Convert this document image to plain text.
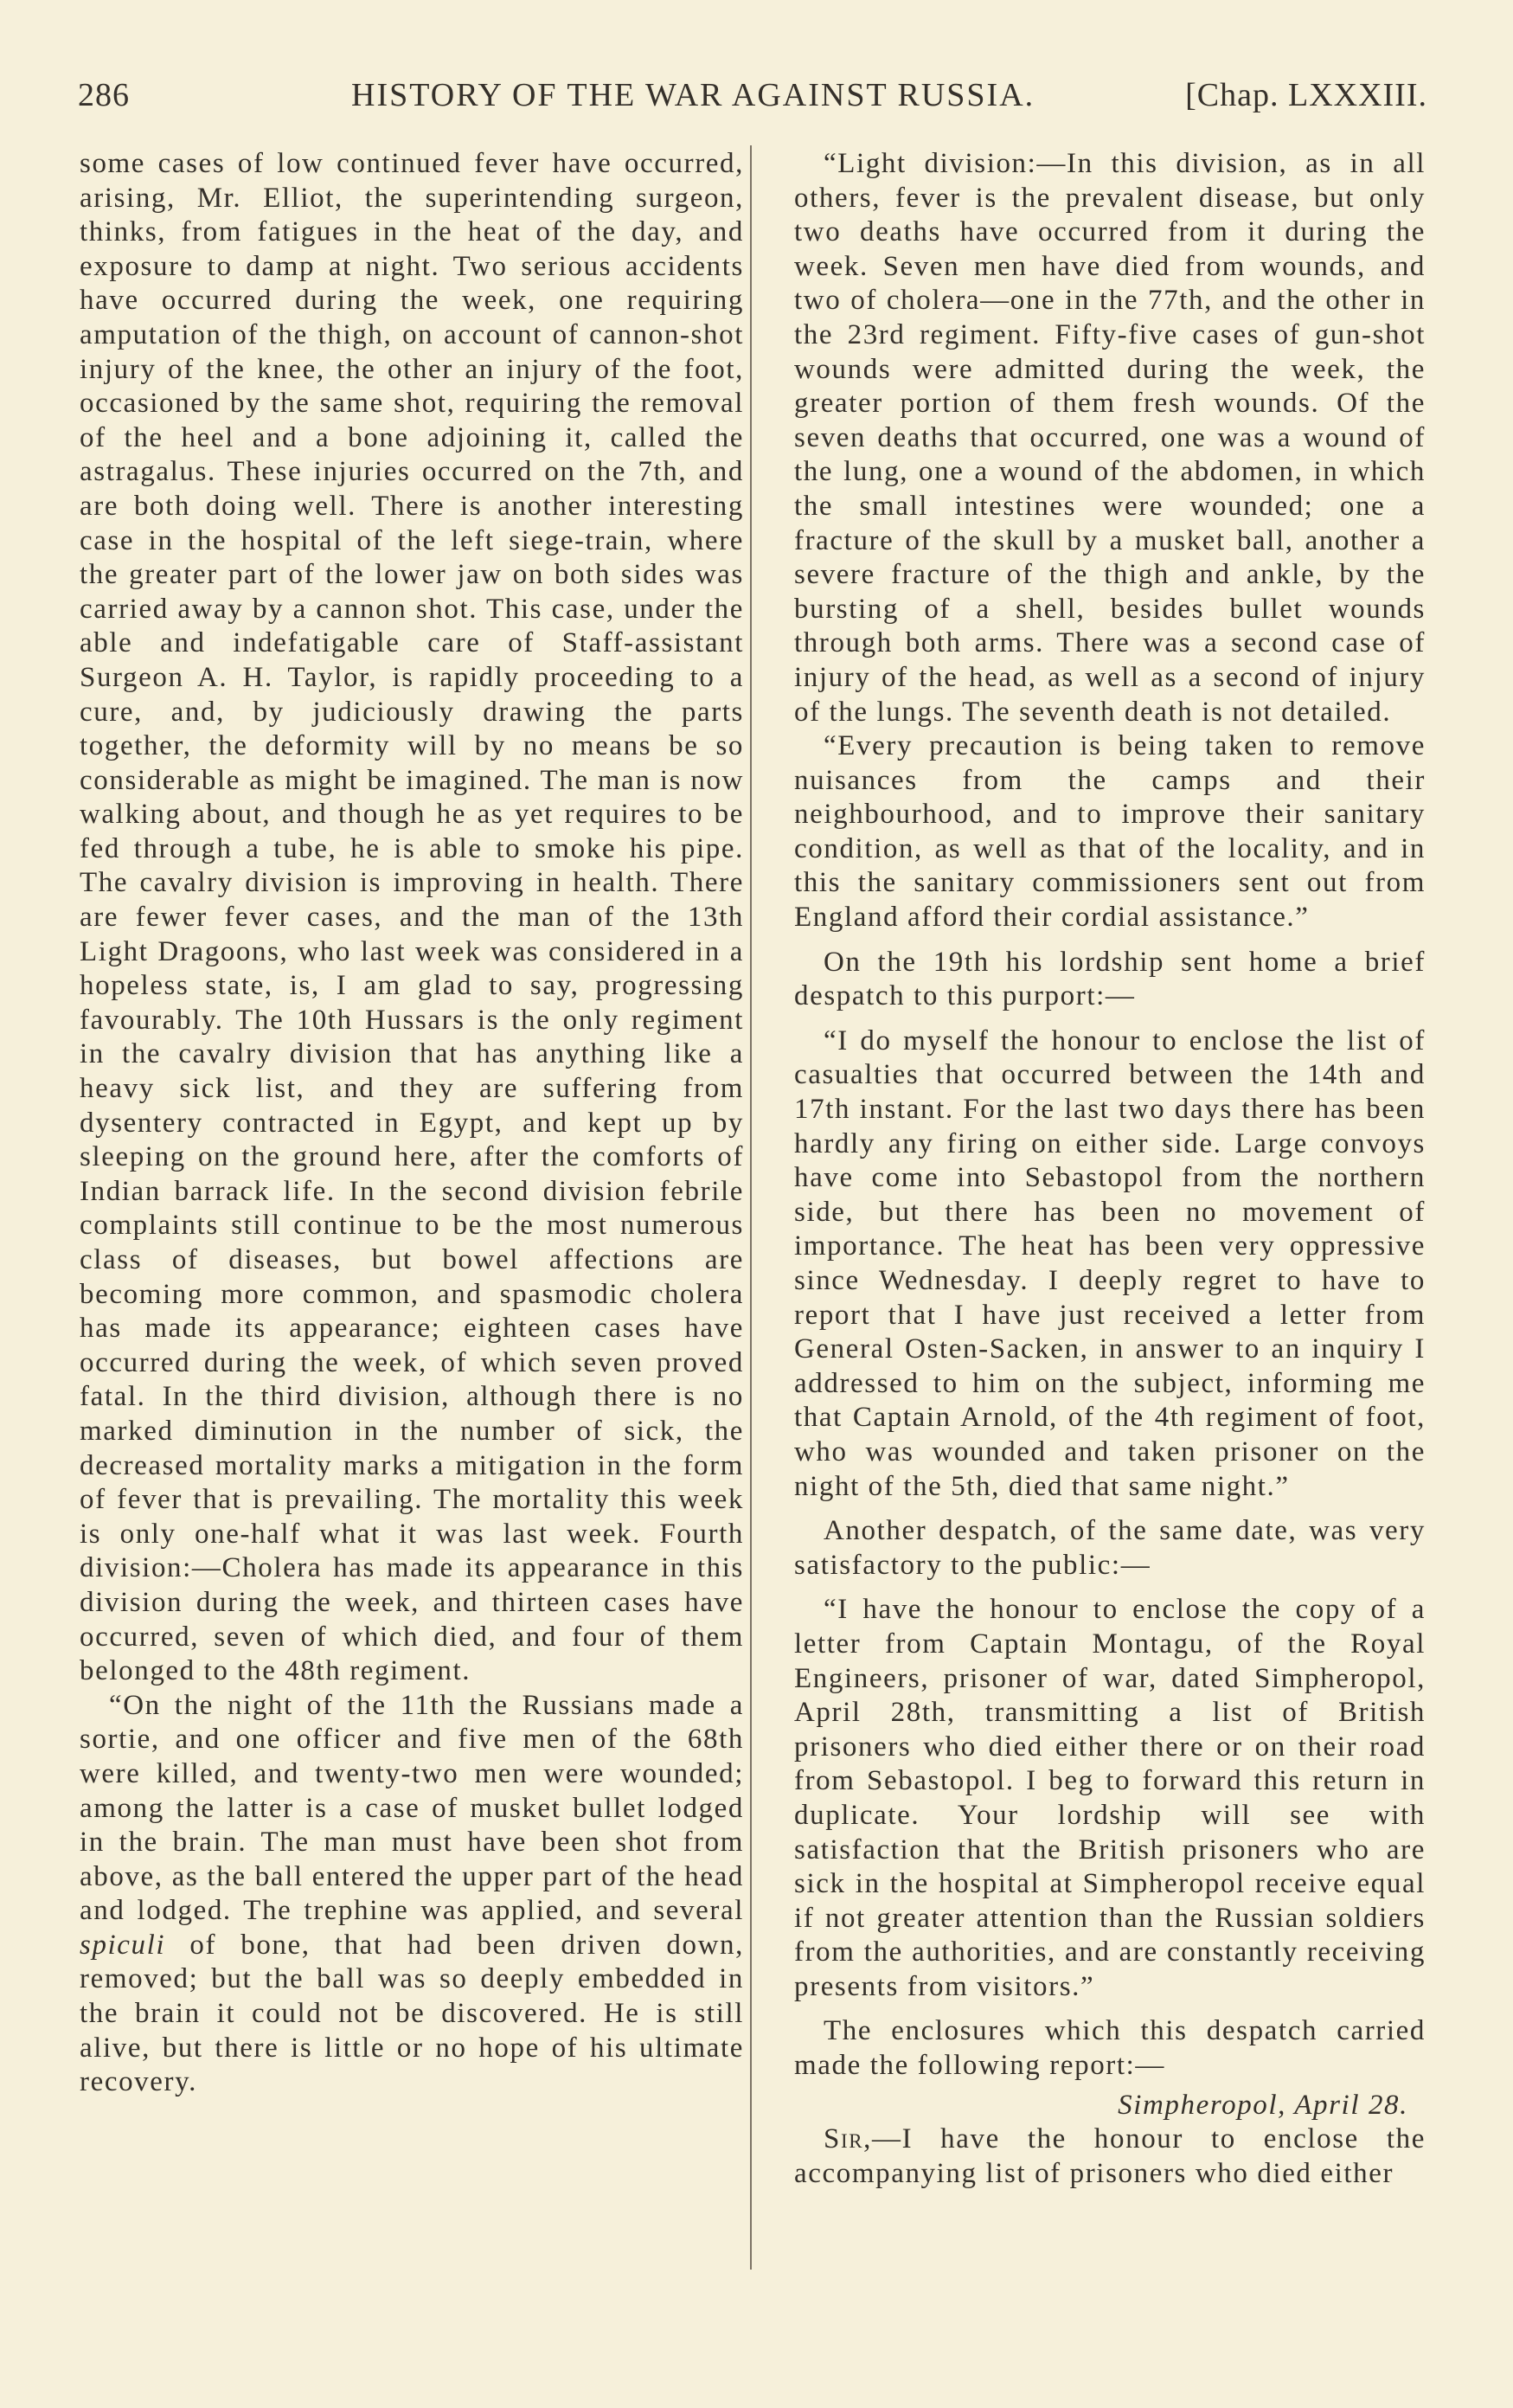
286	HISTORY OF THE WAR AGAINST RUSSIA.	[Chap. LXXXIII.

some cases of low continued fever have occurred, arising, Mr. Elliot, the superintending surgeon, thinks, from fatigues in the heat of the day, and exposure to damp at night. Two serious accidents have occurred during the week, one requiring amputation of the thigh, on account of cannon-shot injury of the knee, the other an injury of the foot, occasioned by the same shot, requiring the removal of the heel and a bone adjoining it, called the astragalus. These injuries occurred on the 7th, and are both doing well. There is another interesting case in the hospital of the left siege-train, where the greater part of the lower jaw on both sides was carried away by a cannon shot. This case, under the able and indefatigable care of Staff-assistant Surgeon A. H. Taylor, is rapidly proceeding to a cure, and, by judiciously drawing the parts together, the deformity will by no means be so considerable as might be imagined. The man is now walking about, and though he as yet requires to be fed through a tube, he is able to smoke his pipe. The cavalry division is improving in health. There are fewer fever cases, and the man of the 13th Light Dragoons, who last week was considered in a hopeless state, is, I am glad to say, progressing favourably. The 10th Hussars is the only regiment in the cavalry division that has anything like a heavy sick list, and they are suffering from dysentery contracted in Egypt, and kept up by sleeping on the ground here, after the comforts of Indian barrack life. In the second division febrile complaints still continue to be the most numerous class of diseases, but bowel affections are becoming more common, and spasmodic cholera has made its appearance; eighteen cases have occurred during the week, of which seven proved fatal. In the third division, although there is no marked diminution in the number of sick, the decreased mortality marks a mitigation in the form of fever that is prevailing. The mortality this week is only one-half what it was last week. Fourth division:—Cholera has made its appearance in this division during the week, and thirteen cases have occurred, seven of which died, and four of them belonged to the 48th regiment.

“On the night of the 11th the Russians made a sortie, and one officer and five men of the 68th were killed, and twenty-two men were wounded; among the latter is a case of musket bullet lodged in the brain. The man must have been shot from above, as the ball entered the upper part of the head and lodged. The trephine was applied, and several spiculi of bone, that had been driven down, removed; but the ball was so deeply embedded in the brain it could not be discovered. He is still alive, but there is little or no hope of his ultimate recovery.

“Light division:—In this division, as in all others, fever is the prevalent disease, but only two deaths have occurred from it during the week. Seven men have died from wounds, and two of cholera—one in the 77th, and the other in the 23rd regiment. Fifty-five cases of gun-shot wounds were admitted during the week, the greater portion of them fresh wounds. Of the seven deaths that occurred, one was a wound of the lung, one a wound of the abdomen, in which the small intestines were wounded; one a fracture of the skull by a musket ball, another a severe fracture of the thigh and ankle, by the bursting of a shell, besides bullet wounds through both arms. There was a second case of injury of the head, as well as a second of injury of the lungs. The seventh death is not detailed.

“Every precaution is being taken to remove nuisances from the camps and their neighbourhood, and to improve their sanitary condition, as well as that of the locality, and in this the sanitary commissioners sent out from England afford their cordial assistance.”

On the 19th his lordship sent home a brief despatch to this purport:—

“I do myself the honour to enclose the list of casualties that occurred between the 14th and 17th instant. For the last two days there has been hardly any firing on either side. Large convoys have come into Sebastopol from the northern side, but there has been no movement of importance. The heat has been very oppressive since Wednesday. I deeply regret to have to report that I have just received a letter from General Osten-Sacken, in answer to an inquiry I addressed to him on the subject, informing me that Captain Arnold, of the 4th regiment of foot, who was wounded and taken prisoner on the night of the 5th, died that same night.”

Another despatch, of the same date, was very satisfactory to the public:—

“I have the honour to enclose the copy of a letter from Captain Montagu, of the Royal Engineers, prisoner of war, dated Simpheropol, April 28th, transmitting a list of British prisoners who died either there or on their road from Sebastopol. I beg to forward this return in duplicate. Your lordship will see with satisfaction that the British prisoners who are sick in the hospital at Simpheropol receive equal if not greater attention than the Russian soldiers from the authorities, and are constantly receiving presents from visitors.”

The enclosures which this despatch carried made the following report:—

Simpheropol, April 28.

Sir,—I have the honour to enclose the accompanying list of prisoners who died either
